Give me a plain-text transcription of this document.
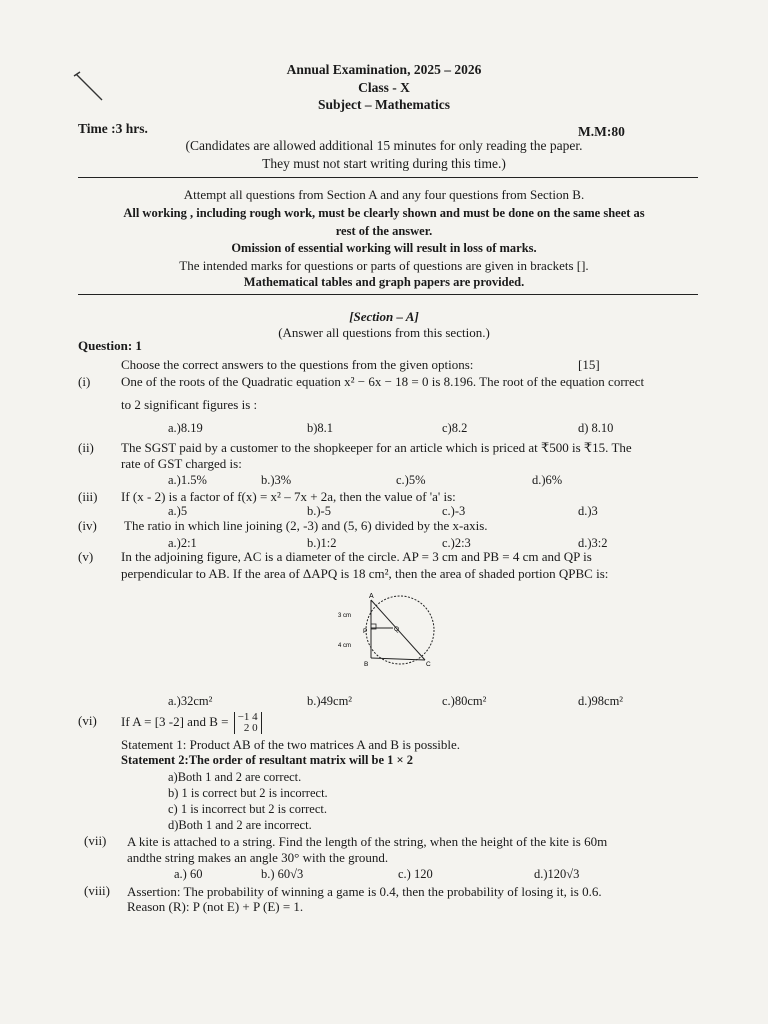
Annual Examination, 2025 – 2026
Class - X
Subject – Mathematics
Time :3 hrs.	M.M:80
(Candidates are allowed additional 15 minutes for only reading the paper.
They must not start writing during this time.)
Attempt all questions from Section A and any four questions from Section B.
All working , including rough work, must be clearly shown and must be done on the same sheet as
rest of the answer.
Omission of essential working will result in loss of marks.
The intended marks for questions or parts of questions are given in brackets [].
Mathematical tables and graph papers are provided.
[Section – A]
(Answer all questions from this section.)
Question: 1
Choose the correct answers to the questions from the given options:	[15]
(i) One of the roots of the Quadratic equation x² − 6x − 18 = 0 is 8.196. The root of the equation correct
to 2 significant figures is :
a.)8.19	b)8.1	c)8.2	d) 8.10
(ii) The SGST paid by a customer to the shopkeeper for an article which is priced at ₹500 is ₹15. The
rate of GST charged is:
a.)1.5%	b.)3%	c.)5%	d.)6%
(iii) If (x - 2) is a factor of f(x) = x² – 7x + 2a, then the value of 'a' is:
a.)5	b.)-5	c.)-3	d.)3
(iv) The ratio in which line joining (2, -3) and (5, 6) divided by the x-axis.
a.)2:1	b.)1:2	c.)2:3	d.)3:2
(v) In the adjoining figure, AC is a diameter of the circle. AP = 3 cm and PB = 4 cm and QP is
perpendicular to AB. If the area of ΔAPQ is 18 cm², then the area of shaded portion QPBC is:
A
3 cm
P	Q
4 cm
B	C
a.)32cm²	b.)49cm²	c.)80cm²	d.)98cm²
(vi) If A = [3 -2] and B = −1 4
2 0
Statement 1: Product AB of the two matrices A and B is possible.
Statement 2:The order of resultant matrix will be 1 × 2
a)Both 1 and 2 are correct.
b) 1 is correct but 2 is incorrect.
c) 1 is incorrect but 2 is correct.
d)Both 1 and 2 are incorrect.
(vii) A kite is attached to a string. Find the length of the string, when the height of the kite is 60m
andthe string makes an angle 30° with the ground.
a.) 60	b.) 60√3	c.) 120	d.)120√3
(viii) Assertion: The probability of winning a game is 0.4, then the probability of losing it, is 0.6.
Reason (R): P (not E) + P (E) = 1.
